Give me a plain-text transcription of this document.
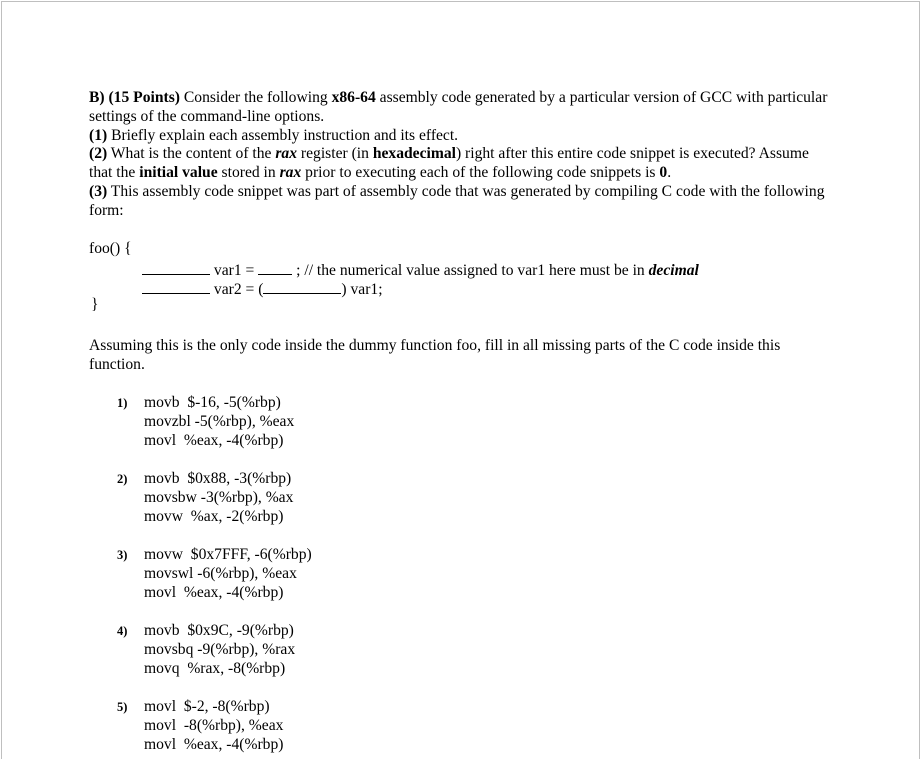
B) (15 Points) Consider the following x86-64 assembly code generated by a particular version of GCC with particular settings of the command-line options.

(1) Briefly explain each assembly instruction and its effect.

(2) What is the content of the rax register (in hexadecimal) right after this entire code snippet is executed? Assume that the initial value stored in rax prior to executing each of the following code snippets is 0.

(3) This assembly code snippet was part of assembly code that was generated by compiling C code with the following form:

foo() {
var1 =  ; // the numerical value assigned to var1 here must be in decimal
var2 = (	) var1;
}
Assuming this is the only code inside the dummy function foo, fill in all missing parts of the C code inside this function.
1) movb  $-16, -5(%rbp)
movzbl -5(%rbp), %eax
movl  %eax, -4(%rbp)
2) movb  $0x88, -3(%rbp)
movsbw -3(%rbp), %ax
movw  %ax, -2(%rbp)
3) movw  $0x7FFF, -6(%rbp)
movswl -6(%rbp), %eax
movl  %eax, -4(%rbp)
4) movb  $0x9C, -9(%rbp)
movsbq -9(%rbp), %rax
movq  %rax, -8(%rbp)
5) movl  $-2, -8(%rbp)
movl  -8(%rbp), %eax
movl  %eax, -4(%rbp)
